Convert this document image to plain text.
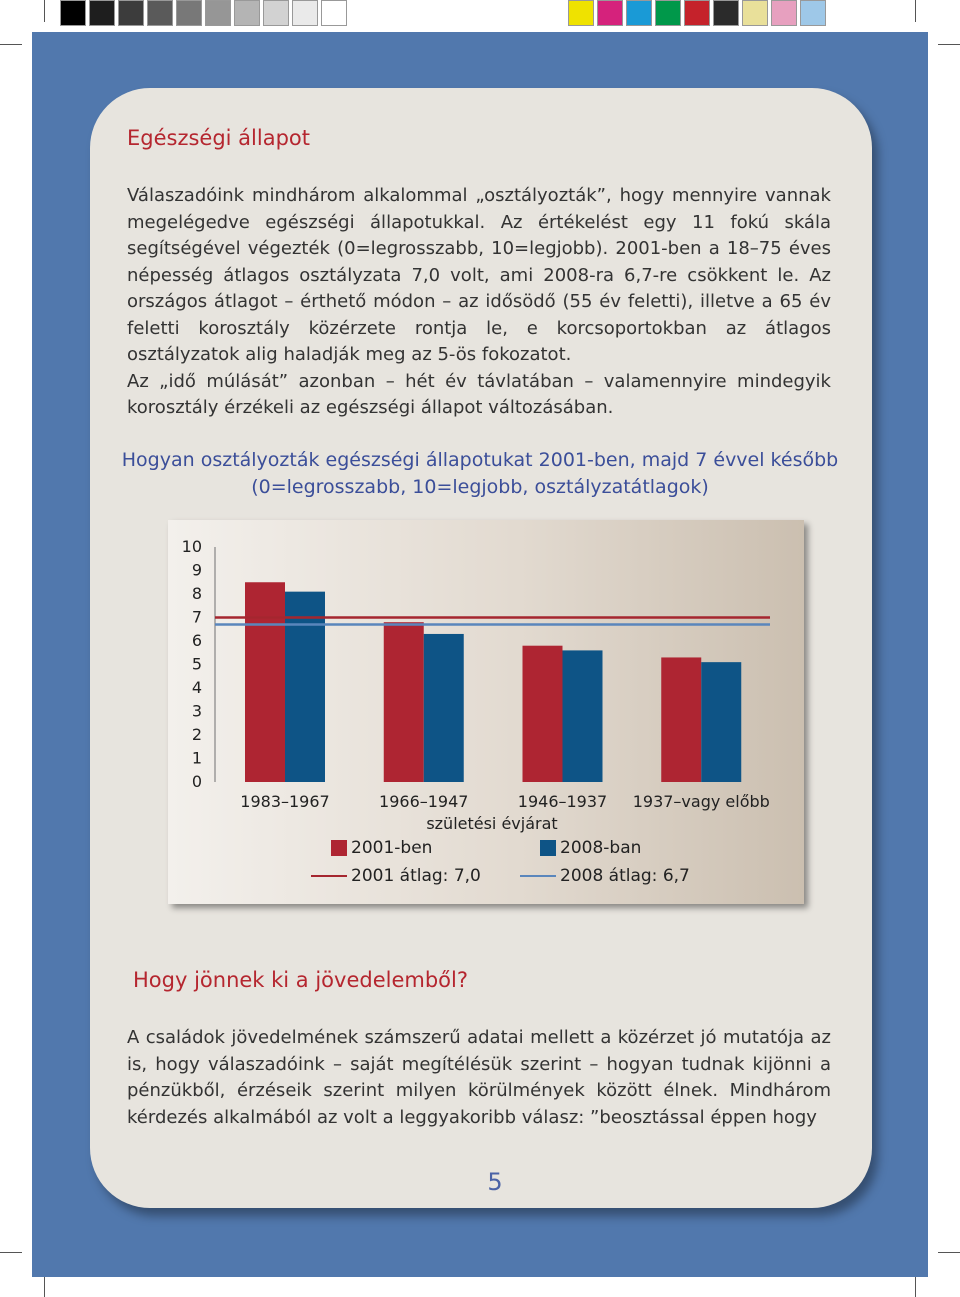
Egészségi állapot

Válaszadóink mindhárom alkalommal „osztályozták”, hogy mennyire vannak megelégedve egészségi állapotukkal. Az értékelést egy 11 fokú skála segítségével végezték (0=legrosszabb, 10=legjobb). 2001-ben a 18–75 éves népesség átlagos osztályzata 7,0 volt, ami 2008-ra 6,7-re csökkent le. Az országos átlagot – érthető módon – az idősödő (55 év feletti), illetve a 65 év feletti korosztály közérzete rontja le, e korcsoportokban az átlagos osztályzatok alig haladják meg az 5-ös fokozatot.

Az „idő múlását” azonban – hét év távlatában – valamennyire mindegyik korosztály érzékeli az egészségi állapot változásában.

Hogyan osztályozták egészségi állapotukat 2001-ben, majd 7 évvel később
(0=legrosszabb, 10=legjobb, osztályzatátlagok)
0
1
2
3
4
5
6
7
8
9
10
1983–1967	1966–1947	1946–1937 1937–vagy előbb
születési évjárat
2001-ben	2008-ban
2001 átlag: 7,0	2008 átlag: 6,7
Hogy jönnek ki a jövedelemből?

A családok jövedelmének számszerű adatai mellett a közérzet jó mutatója az is, hogy válaszadóink – saját megítélésük szerint – hogyan tudnak kijönni a pénzükből, érzéseik szerint milyen körülmények között élnek. Mindhárom kérdezés alkalmából az volt a leggyakoribb válasz: ”beosztással éppen hogy

5
